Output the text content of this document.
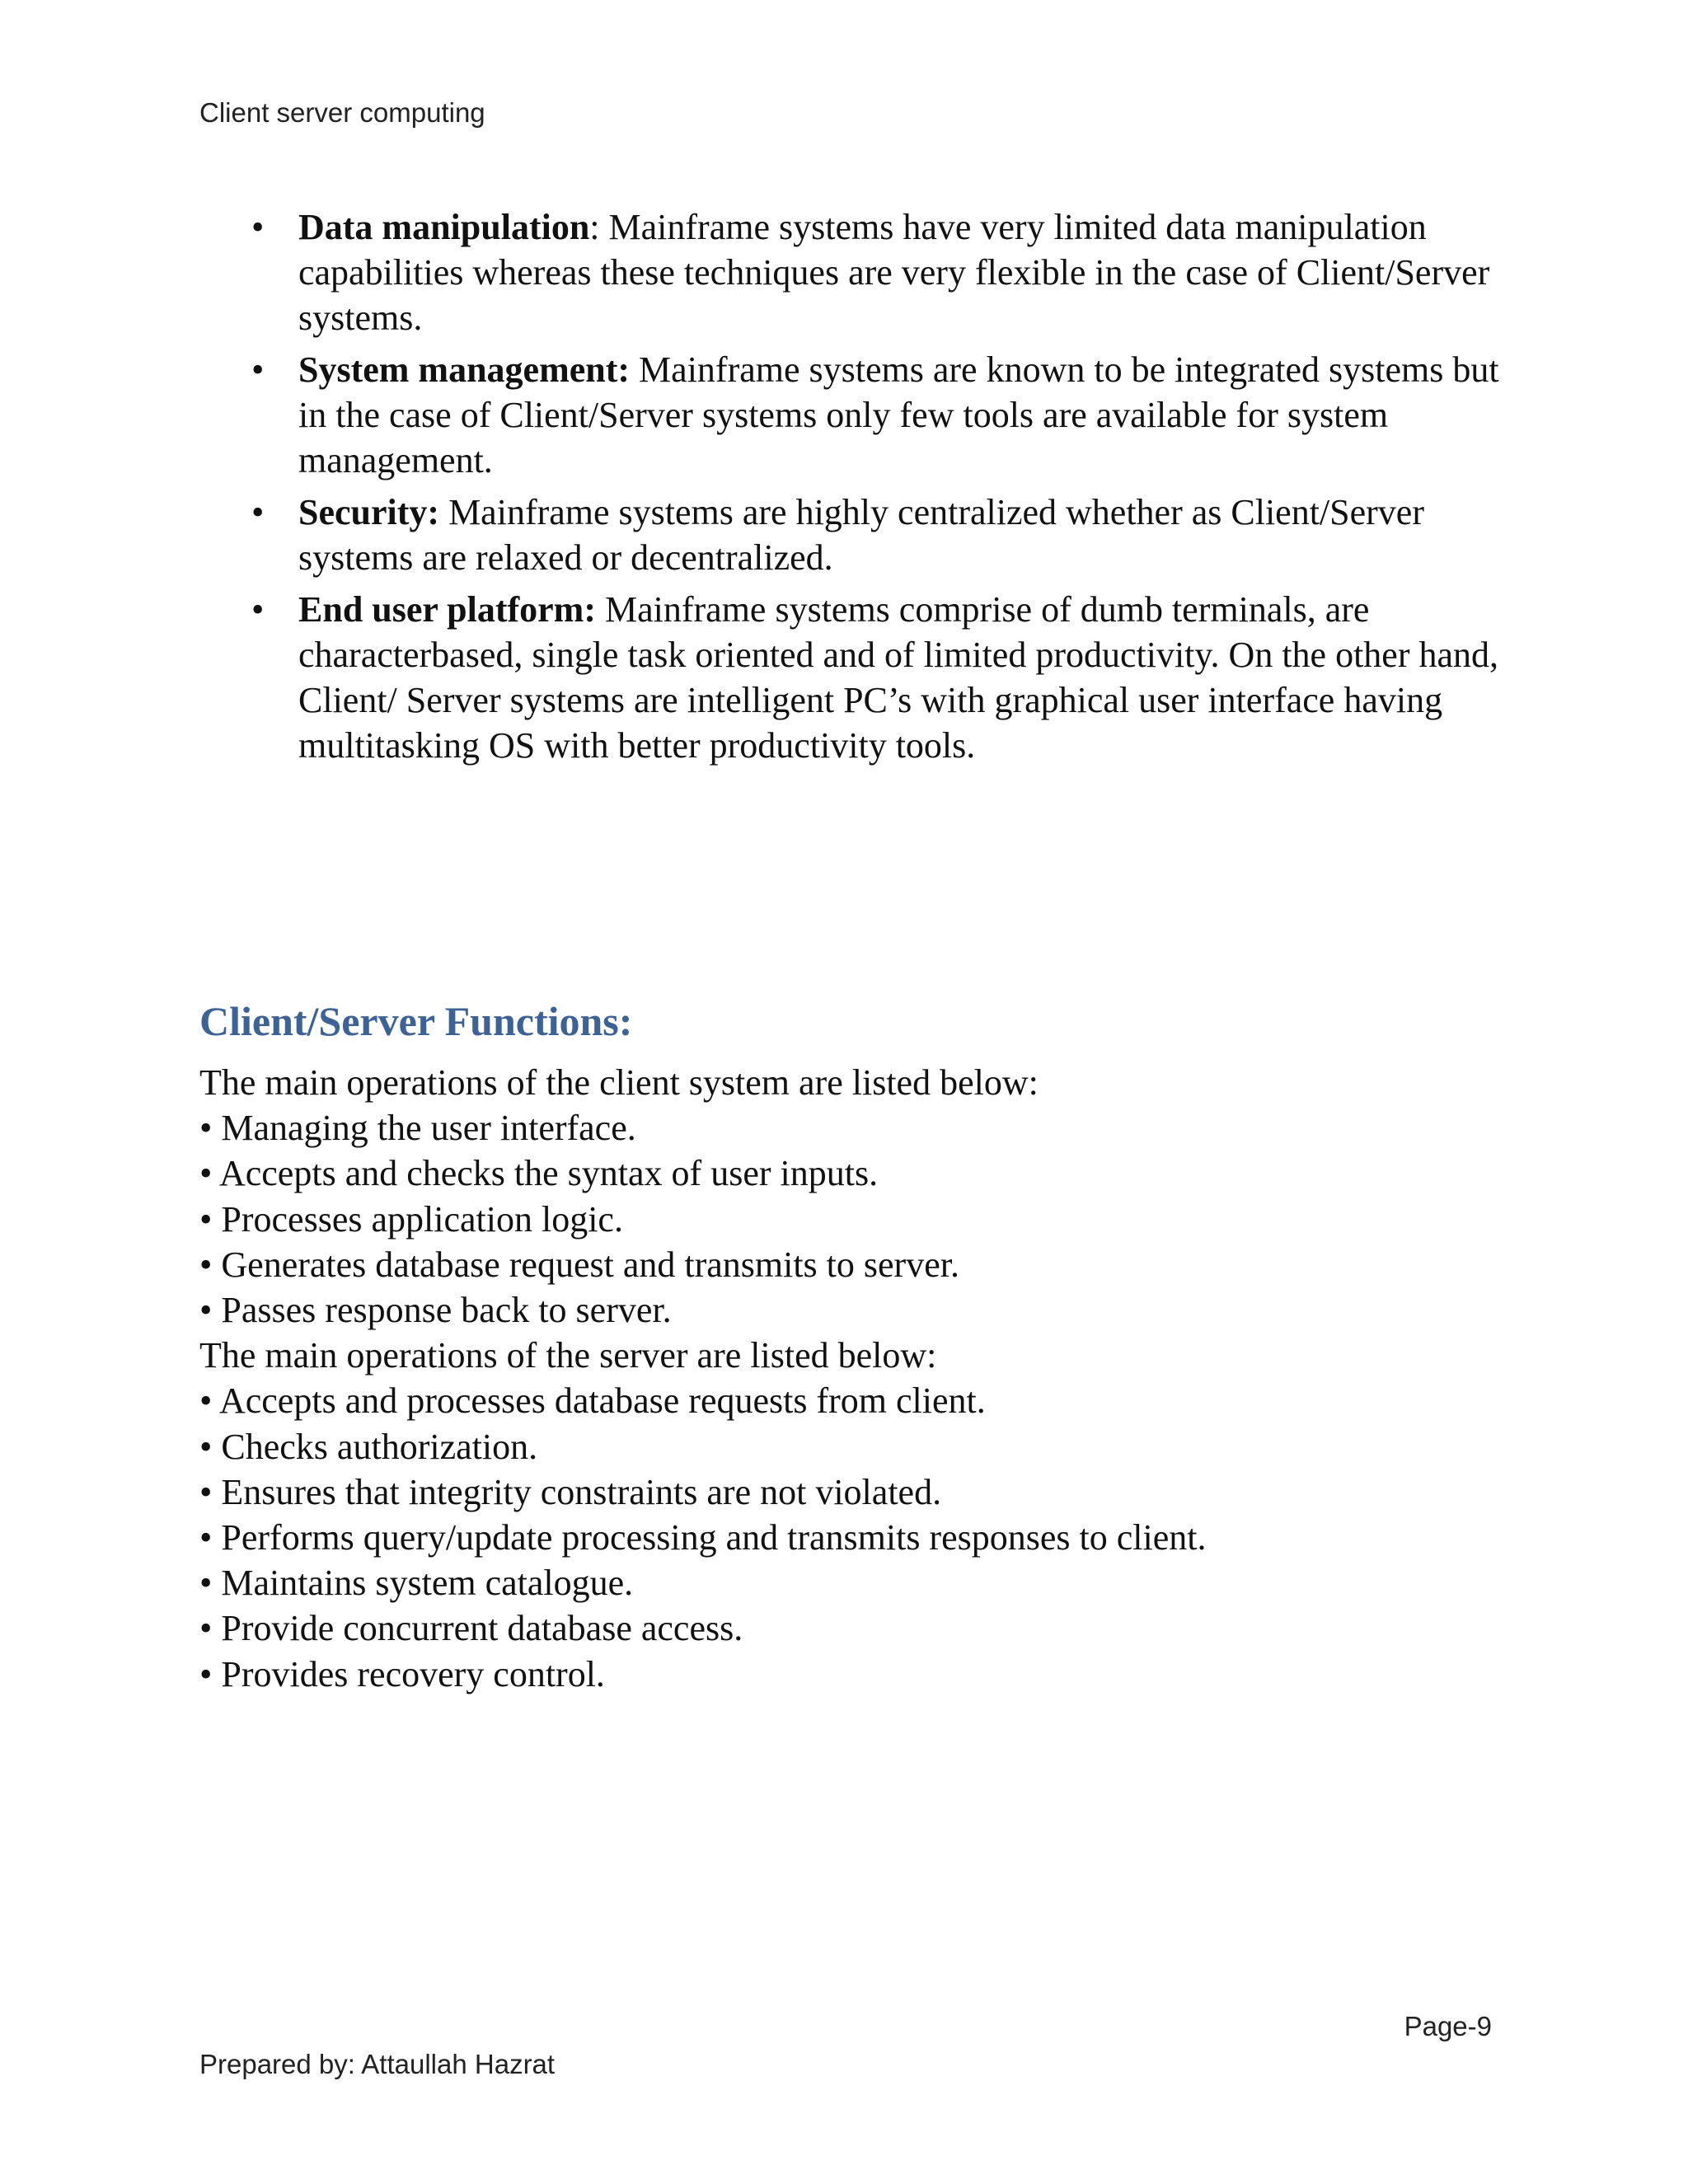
Client server computing
• Data manipulation: Mainframe systems have very limited data manipulation capabilities whereas these techniques are very flexible in the case of Client/Server systems.
• System management: Mainframe systems are known to be integrated systems but in the case of Client/Server systems only few tools are available for system management.
• Security: Mainframe systems are highly centralized whether as Client/Server systems are relaxed or decentralized.
• End user platform: Mainframe systems comprise of dumb terminals, are characterbased, single task oriented and of limited productivity. On the other hand, Client/ Server systems are intelligent PC’s with graphical user interface having multitasking OS with better productivity tools.
Client/Server Functions:
The main operations of the client system are listed below:
• Managing the user interface.
• Accepts and checks the syntax of user inputs.
• Processes application logic.
• Generates database request and transmits to server.
• Passes response back to server.
The main operations of the server are listed below:
• Accepts and processes database requests from client.
• Checks authorization.
• Ensures that integrity constraints are not violated.
• Performs query/update processing and transmits responses to client.
• Maintains system catalogue.
• Provide concurrent database access.
• Provides recovery control.
Page-9
Prepared by: Attaullah Hazrat
